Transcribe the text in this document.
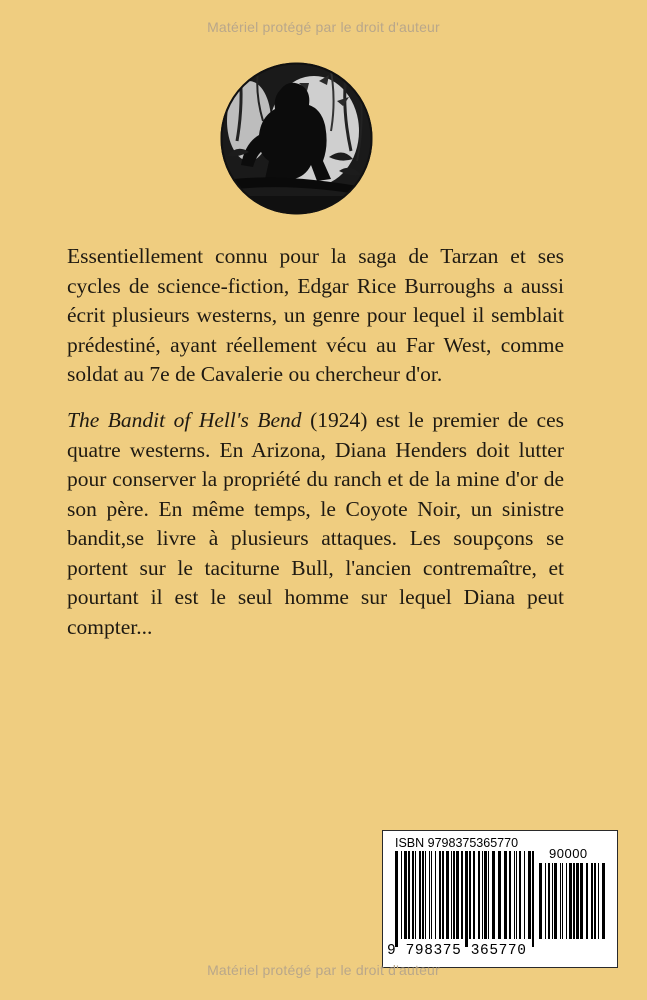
Matériel protégé par le droit d'auteur
Essentiellement connu pour la saga de Tarzan et ses cycles de science-fiction, Edgar Rice Burroughs a aussi écrit plusieurs westerns, un genre pour lequel il semblait prédestiné, ayant réellement vécu au Far West, comme soldat au 7e de Cavalerie ou chercheur d'or.
The Bandit of Hell's Bend (1924) est le premier de ces quatre westerns. En Arizona, Diana Henders doit lutter pour conserver la propriété du ranch et de la mine d'or de son père. En même temps, le Coyote Noir, un sinistre bandit,se livre à plusieurs attaques. Les soupçons se portent sur le taciturne Bull, l'ancien contremaître, et pourtant il est le seul homme sur lequel Diana peut compter...
ISBN 9798375365770
90000
9 798375 365770
Matériel protégé par le droit d'auteur
